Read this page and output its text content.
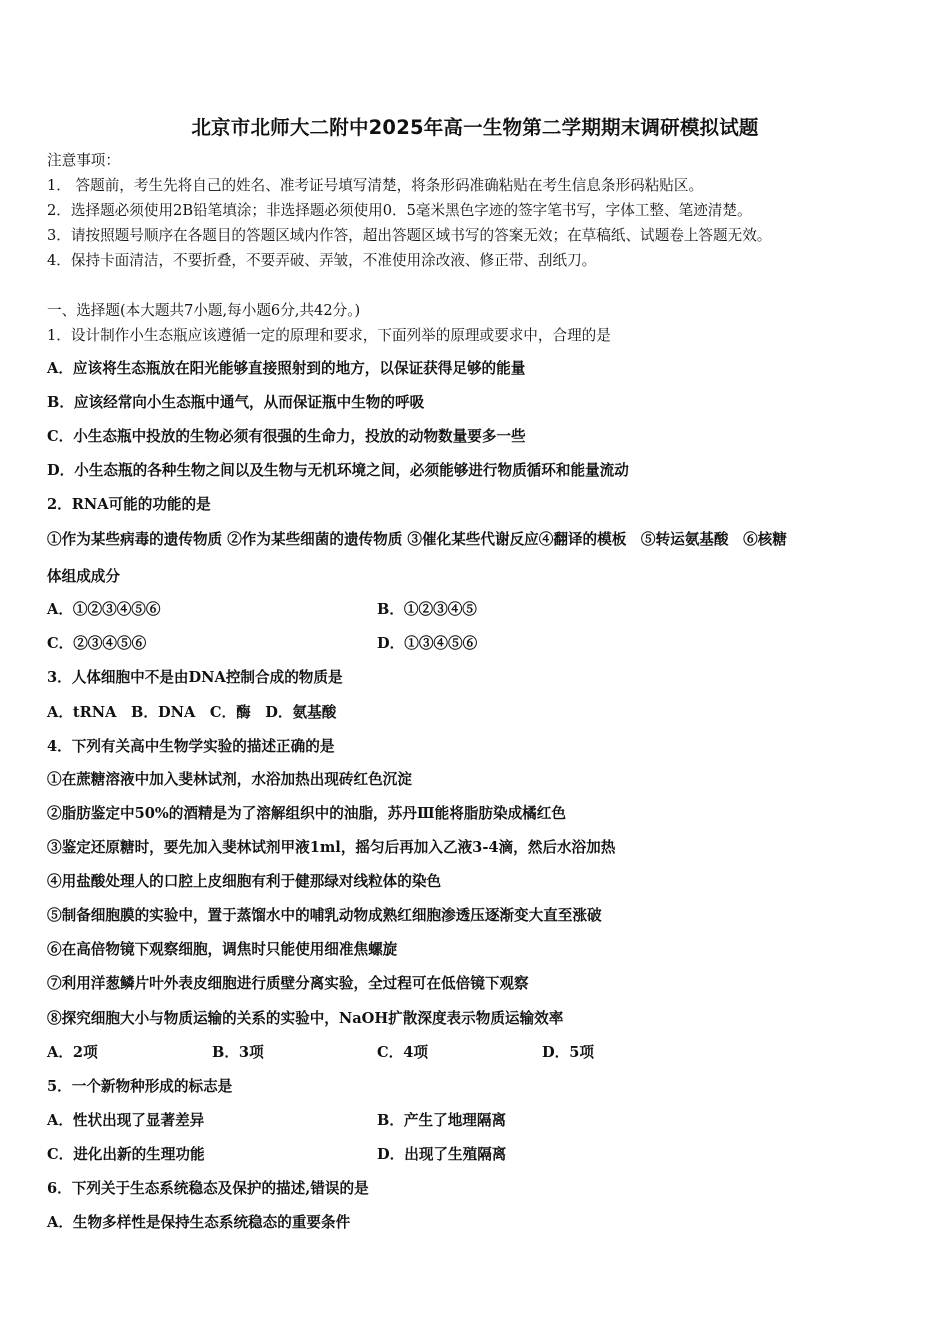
北京市北师大二附中2025年高一生物第二学期期末调研模拟试题
注意事项：
1． 答题前，考生先将自己的姓名、准考证号填写清楚，将条形码准确粘贴在考生信息条形码粘贴区。
2．选择题必须使用2B铅笔填涂；非选择题必须使用0．5毫米黑色字迹的签字笔书写，字体工整、笔迹清楚。
3．请按照题号顺序在各题目的答题区域内作答，超出答题区域书写的答案无效；在草稿纸、试题卷上答题无效。
4．保持卡面清洁，不要折叠，不要弄破、弄皱，不准使用涂改液、修正带、刮纸刀。
一、选择题(本大题共7小题,每小题6分,共42分。)
1．设计制作小生态瓶应该遵循一定的原理和要求，下面列举的原理或要求中，合理的是
A．应该将生态瓶放在阳光能够直接照射到的地方，以保证获得足够的能量
B．应该经常向小生态瓶中通气，从而保证瓶中生物的呼吸
C．小生态瓶中投放的生物必须有很强的生命力，投放的动物数量要多一些
D．小生态瓶的各种生物之间以及生物与无机环境之间，必须能够进行物质循环和能量流动
2．RNA可能的功能的是
①作为某些病毒的遗传物质 ②作为某些细菌的遗传物质 ③催化某些代谢反应④翻译的模板　⑤转运氨基酸　⑥核糖
体组成成分
A．①②③④⑤⑥	B．①②③④⑤
C．②③④⑤⑥	D．①③④⑤⑥
3．人体细胞中不是由DNA控制合成的物质是
A．tRNA　B．DNA　C．酶　D．氨基酸
4．下列有关高中生物学实验的描述正确的是
①在蔗糖溶液中加入斐林试剂，水浴加热出现砖红色沉淀
②脂肪鉴定中50%的酒精是为了溶解组织中的油脂，苏丹Ⅲ能将脂肪染成橘红色
③鉴定还原糖时，要先加入斐林试剂甲液1ml，摇匀后再加入乙液3-4滴，然后水浴加热
④用盐酸处理人的口腔上皮细胞有利于健那绿对线粒体的染色
⑤制备细胞膜的实验中，置于蒸馏水中的哺乳动物成熟红细胞渗透压逐渐变大直至涨破
⑥在高倍物镜下观察细胞，调焦时只能使用细准焦螺旋
⑦利用洋葱鳞片叶外表皮细胞进行质壁分离实验，全过程可在低倍镜下观察
⑧探究细胞大小与物质运输的关系的实验中，NaOH扩散深度表示物质运输效率
A．2项	B．3项	C．4项	D．5项
5．一个新物种形成的标志是
A．性状出现了显著差异	B．产生了地理隔离
C．进化出新的生理功能	D．出现了生殖隔离
6．下列关于生态系统稳态及保护的描述,错误的是
A．生物多样性是保持生态系统稳态的重要条件
